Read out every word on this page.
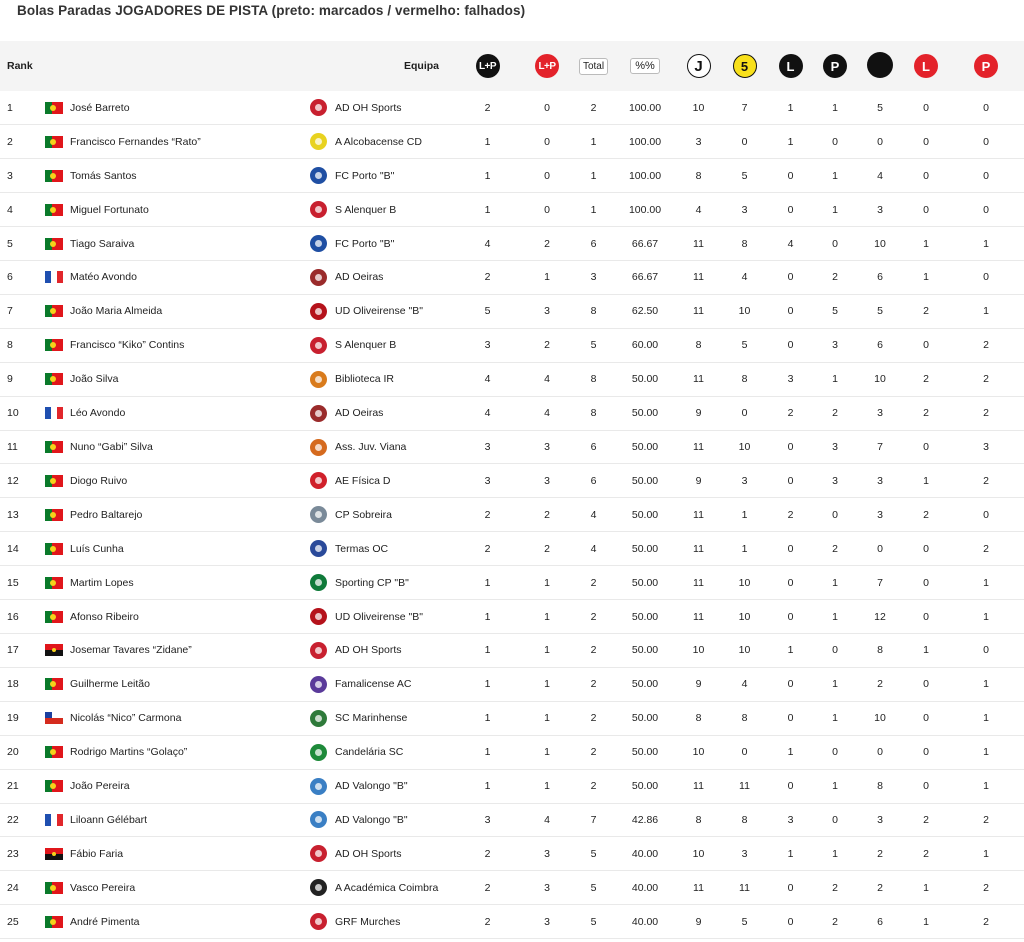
Bolas Paradas JOGADORES DE PISTA (preto: marcados / vermelho: falhados)
Rank		Equipa	L+P	L+P	Total	%%	J	5	L	P		L	P
1	José Barreto	AD OH Sports	2	0	2	100.00	10	7	1	1	5	0	0
2	Francisco Fernandes “Rato”	A Alcobacense CD	1	0	1	100.00	3	0	1	0	0	0	0
3	Tomás Santos	FC Porto "B"	1	0	1	100.00	8	5	0	1	4	0	0
4	Miguel Fortunato	S Alenquer B	1	0	1	100.00	4	3	0	1	3	0	0
5	Tiago Saraiva	FC Porto "B"	4	2	6	66.67	11	8	4	0	10	1	1
6	Matéo Avondo	AD Oeiras	2	1	3	66.67	11	4	0	2	6	1	0
7	João Maria Almeida	UD Oliveirense "B"	5	3	8	62.50	11	10	0	5	5	2	1
8	Francisco “Kiko” Contins	S Alenquer B	3	2	5	60.00	8	5	0	3	6	0	2
9	João Silva	Biblioteca IR	4	4	8	50.00	11	8	3	1	10	2	2
10	Léo Avondo	AD Oeiras	4	4	8	50.00	9	0	2	2	3	2	2
11	Nuno “Gabi” Silva	Ass. Juv. Viana	3	3	6	50.00	11	10	0	3	7	0	3
12	Diogo Ruivo	AE Física D	3	3	6	50.00	9	3	0	3	3	1	2
13	Pedro Baltarejo	CP Sobreira	2	2	4	50.00	11	1	2	0	3	2	0
14	Luís Cunha	Termas OC	2	2	4	50.00	11	1	0	2	0	0	2
15	Martim Lopes	Sporting CP "B"	1	1	2	50.00	11	10	0	1	7	0	1
16	Afonso Ribeiro	UD Oliveirense "B"	1	1	2	50.00	11	10	0	1	12	0	1
17	Josemar Tavares “Zidane”	AD OH Sports	1	1	2	50.00	10	10	1	0	8	1	0
18	Guilherme Leitão	Famalicense AC	1	1	2	50.00	9	4	0	1	2	0	1
19	Nicolás “Nico” Carmona	SC Marinhense	1	1	2	50.00	8	8	0	1	10	0	1
20	Rodrigo Martins “Golaço”	Candelária SC	1	1	2	50.00	10	0	1	0	0	0	1
21	João Pereira	AD Valongo "B"	1	1	2	50.00	11	11	0	1	8	0	1
22	Liloann Gélébart	AD Valongo "B"	3	4	7	42.86	8	8	3	0	3	2	2
23	Fábio Faria	AD OH Sports	2	3	5	40.00	10	3	1	1	2	2	1
24	Vasco Pereira	A Académica Coimbra	2	3	5	40.00	11	11	0	2	2	1	2
25	André Pimenta	GRF Murches	2	3	5	40.00	9	5	0	2	6	1	2
